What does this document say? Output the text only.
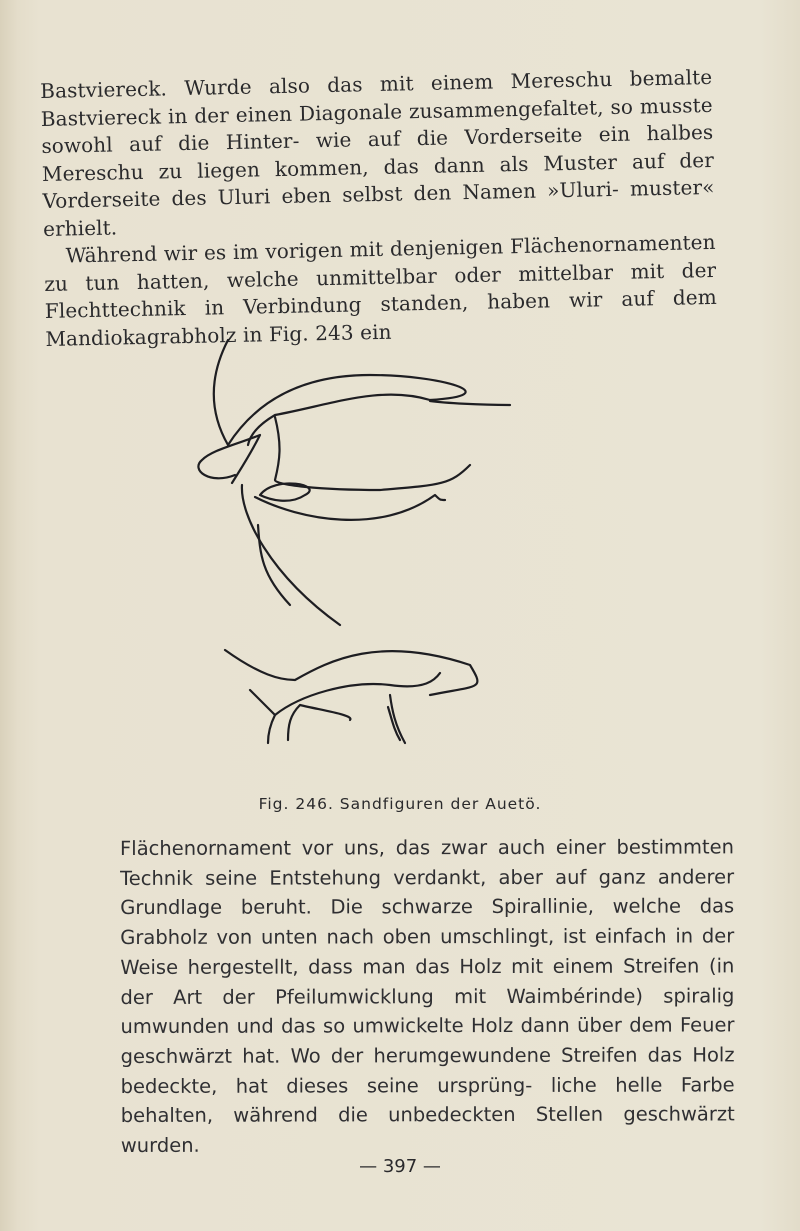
Bastviereck. Wurde also das mit einem Mereschu bemalte Bastviereck in der einen Diagonale zusammengefaltet, so musste sowohl auf die Hinter- wie auf die Vorderseite ein halbes Mereschu zu liegen kommen, das dann als Muster auf der Vorderseite des Uluri eben selbst den Namen »Uluri- muster« erhielt.
Während wir es im vorigen mit denjenigen Flächenornamenten zu tun hatten, welche unmittelbar oder mittelbar mit der Flechttechnik in Verbindung standen, haben wir auf dem Mandiokagrabholz in Fig. 243 ein

Fig. 246. Sandfiguren der Auetö.

Flächenornament vor uns, das zwar auch einer bestimmten Technik seine Entstehung verdankt, aber auf ganz anderer Grundlage beruht. Die schwarze Spirallinie, welche das Grabholz von unten nach oben umschlingt, ist einfach in der Weise hergestellt, dass man das Holz mit einem Streifen (in der Art der Pfeilumwicklung mit Waimbérinde) spiralig umwunden und das so umwickelte Holz dann über dem Feuer geschwärzt hat. Wo der herumgewundene Streifen das Holz bedeckte, hat dieses seine ursprüng- liche helle Farbe behalten, während die unbedeckten Stellen geschwärzt wurden.

— 397 —
